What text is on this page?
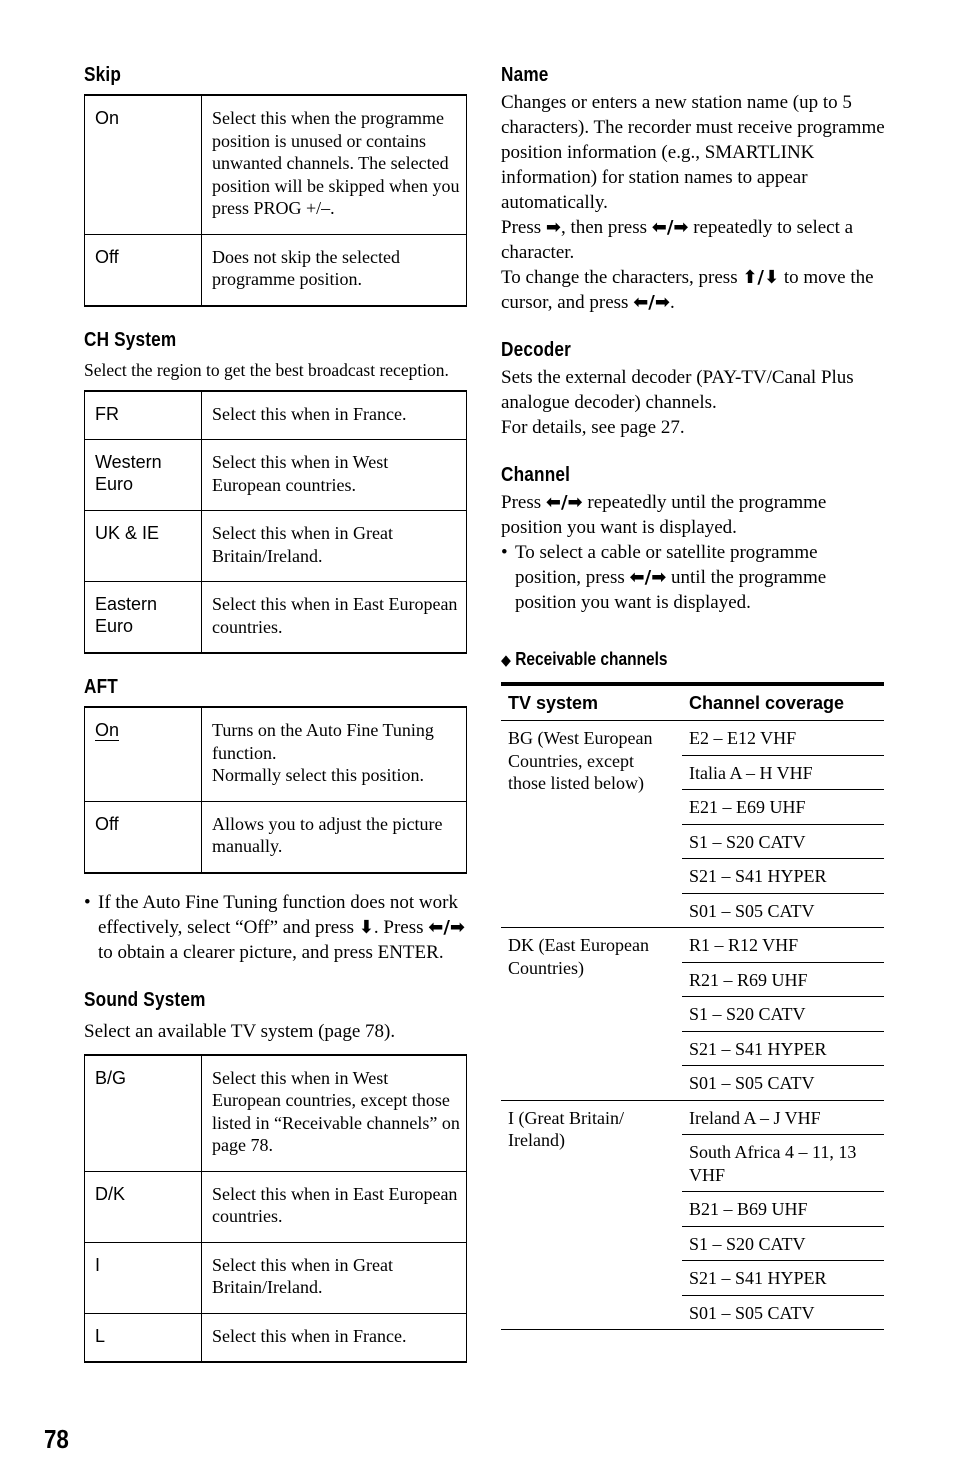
Skip
On	Select this when the programme position is unused or contains unwanted channels. The selected position will be skipped when you press PROG +/–.
Off	Does not skip the selected programme position.
CH System

Select the region to get the best broadcast reception.

FR	Select this when in France.
Western Euro	Select this when in West European countries.
UK & IE	Select this when in Great Britain/Ireland.
Eastern Euro	Select this when in East European countries.
AFT
On	Turns on the Auto Fine Tuning function.
Normally select this position.

Off	Allows you to adjust the picture manually.
• If the Auto Fine Tuning function does not work effectively, select “Off” and press ⬇. Press ⬅/➡ to obtain a clearer picture, and press ENTER.
Sound System

Select an available TV system (page 78).

B/G	Select this when in West European countries, except those listed in “Receivable channels” on page 78.
D/K	Select this when in East European countries.
I	Select this when in Great Britain/Ireland.
L	Select this when in France.
Name

Changes or enters a new station name (up to 5 characters). The recorder must receive programme position information (e.g., SMARTLINK information) for station names to appear automatically.

Press ➡, then press ⬅/➡ repeatedly to select a character.

To change the characters, press ⬆/⬇ to move the cursor, and press ⬅/➡.

Decoder

Sets the external decoder (PAY-TV/Canal Plus analogue decoder) channels.

For details, see page 27.

Channel

Press ⬅/➡ repeatedly until the programme position you want is displayed.

• To select a cable or satellite programme position, press ⬅/➡ until the programme position you want is displayed.
◆ Receivable channels
TV system	Channel coverage
BG (West European Countries, except those listed below)	E2 – E12 VHF
	Italia A – H VHF
	E21 – E69 UHF
	S1 – S20 CATV
	S21 – S41 HYPER
	S01 – S05 CATV
DK (East European Countries)	R1 – R12 VHF
	R21 – R69 UHF
	S1 – S20 CATV
	S21 – S41 HYPER
	S01 – S05 CATV
I (Great Britain/ Ireland)	Ireland A – J VHF
	South Africa 4 – 11, 13 VHF
	B21 – B69 UHF
	S1 – S20 CATV
	S21 – S41 HYPER
	S01 – S05 CATV
78
